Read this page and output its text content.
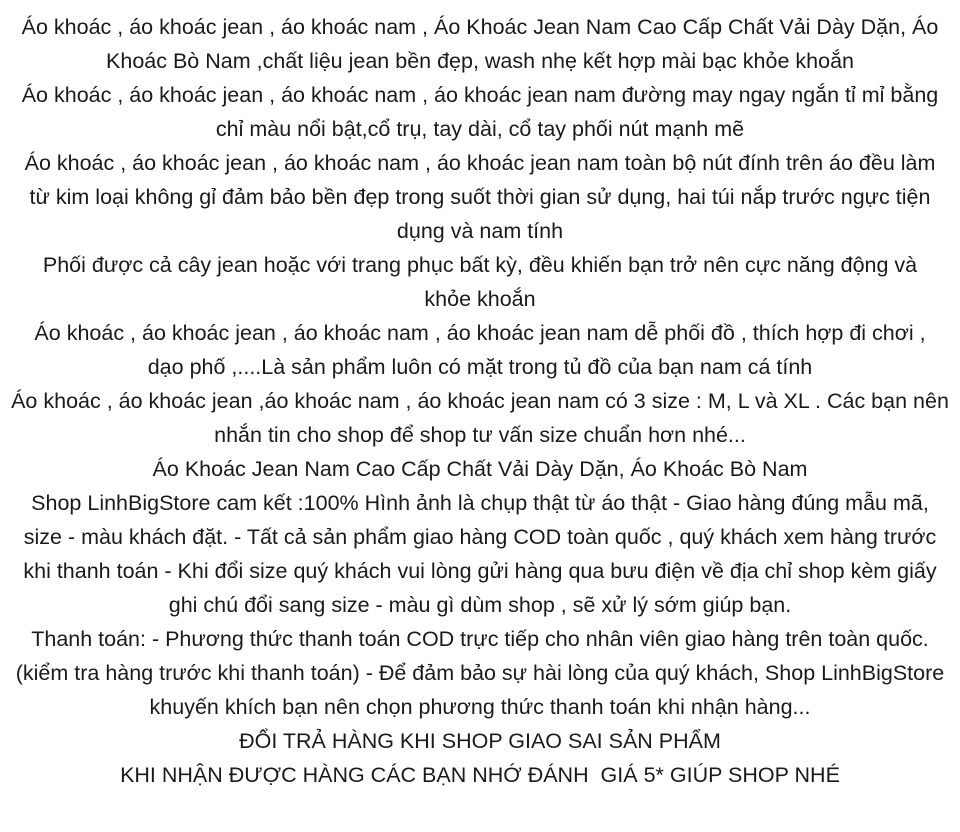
Áo khoác , áo khoác jean , áo khoác nam , Áo Khoác Jean Nam Cao Cấp Chất Vải Dày Dặn, Áo Khoác Bò Nam ,chất liệu jean bền đẹp, wash nhẹ kết hợp mài bạc khỏe khoắn
Áo khoác , áo khoác jean , áo khoác nam , áo khoác jean nam đường may ngay ngắn tỉ mỉ bằng chỉ màu nổi bật,cổ trụ, tay dài, cổ tay phối nút mạnh mẽ
Áo khoác , áo khoác jean , áo khoác nam , áo khoác jean nam toàn bộ nút đính trên áo đều làm từ kim loại không gỉ đảm bảo bền đẹp trong suốt thời gian sử dụng, hai túi nắp trước ngực tiện dụng và nam tính
Phối được cả cây jean hoặc với trang phục bất kỳ, đều khiến bạn trở nên cực năng động và khỏe khoắn
Áo khoác , áo khoác jean , áo khoác nam , áo khoác jean nam dễ phối đồ , thích hợp đi chơi , dạo phố ,....Là sản phẩm luôn có mặt trong tủ đồ của bạn nam cá tính
Áo khoác , áo khoác jean ,áo khoác nam , áo khoác jean nam có 3 size : M, L và XL . Các bạn nên nhắn tin cho shop để shop tư vấn size chuẩn hơn nhé...
Áo Khoác Jean Nam Cao Cấp Chất Vải Dày Dặn, Áo Khoác Bò Nam
Shop LinhBigStore cam kết :100% Hình ảnh là chụp thật từ áo thật - Giao hàng đúng mẫu mã, size - màu khách đặt. - Tất cả sản phẩm giao hàng COD toàn quốc , quý khách xem hàng trước khi thanh toán - Khi đổi size quý khách vui lòng gửi hàng qua bưu điện về địa chỉ shop kèm giấy ghi chú đổi sang size - màu gì dùm shop , sẽ xử lý sớm giúp bạn.
Thanh toán: - Phương thức thanh toán COD trực tiếp cho nhân viên giao hàng trên toàn quốc. (kiểm tra hàng trước khi thanh toán) - Để đảm bảo sự hài lòng của quý khách, Shop LinhBigStore khuyến khích bạn nên chọn phương thức thanh toán khi nhận hàng...
ĐỔI TRẢ HÀNG KHI SHOP GIAO SAI SẢN PHẨM
KHI NHẬN ĐƯỢC HÀNG CÁC BẠN NHỚ ĐÁNH  GIÁ 5* GIÚP SHOP NHÉ
